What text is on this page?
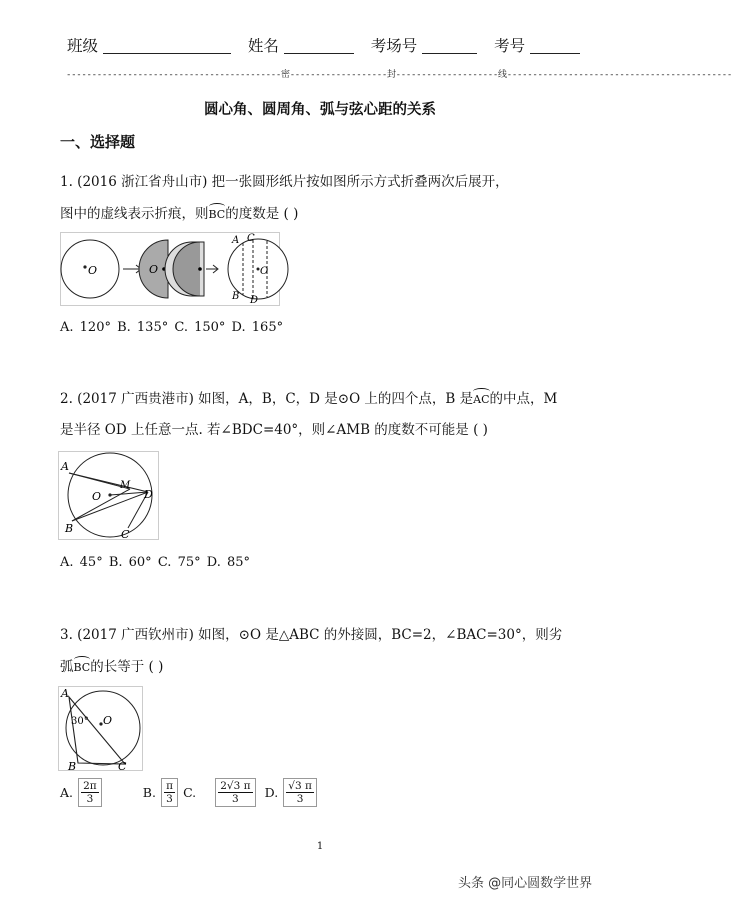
班级	姓名	考场号	考号
------------------------------------------密-------------------封--------------------线--------------------------------------------
圆心角、圆周角、弧与弦心距的关系
一、选择题
1. (2016 浙江省舟山市) 把一张圆形纸片按如图所示方式折叠两次后展开，
图中的虚线表示折痕，则BC的度数是 ( )
O	O	O
A C
B D
A. 120° B. 135° C. 150° D. 165°
2. (2017 广西贵港市) 如图，A，B，C，D 是⊙O 上的四个点，B 是AC的中点，M
是半径 OD 上任意一点. 若∠BDC=40°，则∠AMB 的度数不可能是 ( )
O
M
A
D
B	C
A. 45° B. 60° C. 75° D. 85°
3. (2017 广西钦州市) 如图，⊙O 是△ABC 的外接圆，BC=2，∠BAC=30°，则劣
弧BC的长等于 ( )
O
A
30°
B	C
A. $\frac{2\pi}{3}$	B. $\frac{\pi}{3} C$. $\frac{2√3 \pi}{3} D$. $\frac{√3 \pi}{3}$
1
头条 @同心圆数学世界
